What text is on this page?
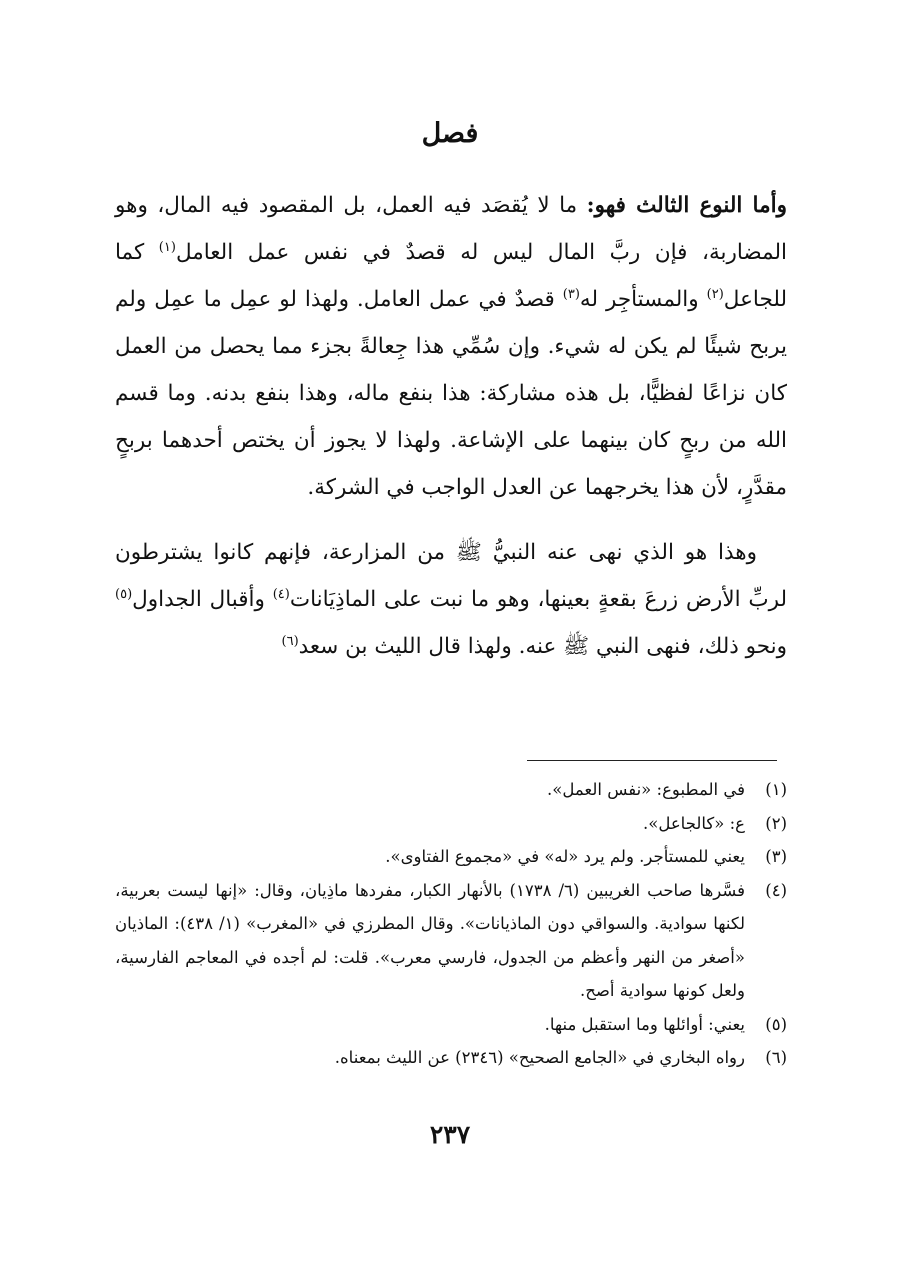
فصل

وأما النوع الثالث فهو: ما لا يُقصَد فيه العمل، بل المقصود فيه المال، وهو المضاربة، فإن ربَّ المال ليس له قصدٌ في نفس عمل العامل$^{(١)}$ كما للجاعل$^{(٢)}$ والمستأجِر له$^{(٣)}$ قصدٌ في عمل العامل. ولهذا لو عمِل ما عمِل ولم يربح شيئًا لم يكن له شيء. وإن سُمِّي هذا جِعالةً بجزء مما يحصل من العمل كان نزاعًا لفظيًّا، بل هذه مشاركة: هذا بنفع ماله، وهذا بنفع بدنه. وما قسم الله من ربحٍ كان بينهما على الإشاعة. ولهذا لا يجوز أن يختص أحدهما بربحٍ مقدَّرٍ، لأن هذا يخرجهما عن العدل الواجب في الشركة.

وهذا هو الذي نهى عنه النبيُّ ﷺ من المزارعة، فإنهم كانوا يشترطون لربِّ الأرض زرعَ بقعةٍ بعينها، وهو ما نبت على الماذِيَانات$^{(٤)}$ وأقبال الجداول$^{(٥)}$ ونحو ذلك، فنهى النبي ﷺ عنه. ولهذا قال الليث بن سعد$^{(٦)}$

(١)
في المطبوع: «نفس العمل».
(٢)
ع: «كالجاعل».
(٣)
يعني للمستأجر. ولم يرد «له» في «مجموع الفتاوى».
(٤)
فسَّرها صاحب الغريبين (٦/ ١٧٣٨) بالأنهار الكبار، مفردها ماذِيان، وقال: «إنها ليست بعربية، لكنها سوادية. والسواقي دون الماذيانات». وقال المطرزي في «المغرب» (١/ ٤٣٨): الماذيان «أصغر من النهر وأعظم من الجدول، فارسي معرب». قلت: لم أجده في المعاجم الفارسية، ولعل كونها سوادية أصح.
(٥)
يعني: أوائلها وما استقبل منها.
(٦)
رواه البخاري في «الجامع الصحيح» (٢٣٤٦) عن الليث بمعناه.
٢٣٧
